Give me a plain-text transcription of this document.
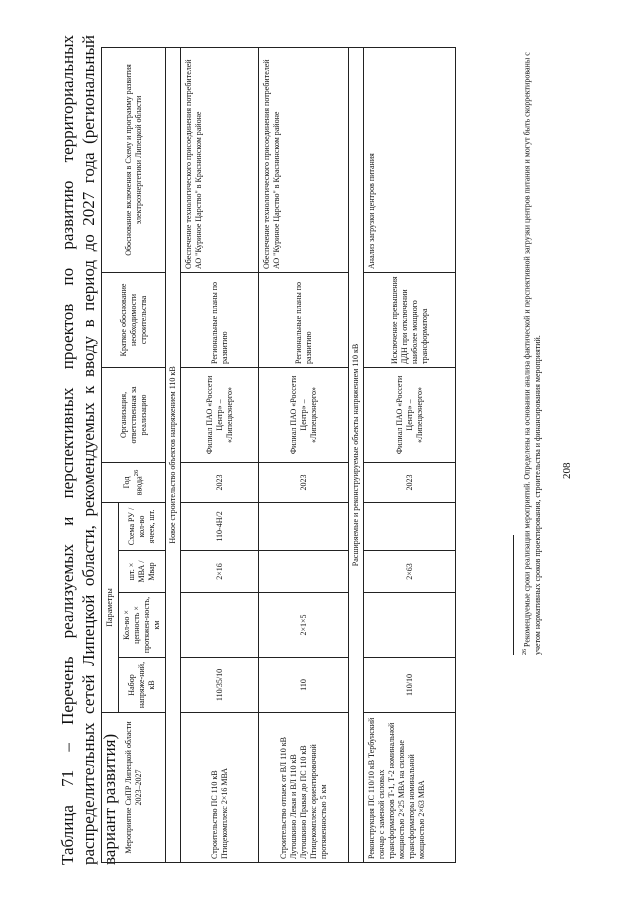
Таблица 71 – Перечень реализуемых и перспективных проектов по развитию территориальных распределительных сетей Липецкой области, рекомендуемых к вводу в период до 2027 года (региональный вариант развития) Мероприятие СиПР Липецкой области 2023–2027	Параметры				Год ввода$^{26}$	Организация, ответственная за реализацию	Краткое обоснование необходимости строительства	Обоснование включения в Схему и программу развития электроэнергетики Липецкой области
	Набор напряже-ний, кВ	Кол-во × цепность × протяжен-ность, км	шт. × МВА / Мвар	Схема РУ / кол-во ячеек, шт.				
Новое строительство объектов напряжением 110 кВ								
Строительство ПС 110 кВ Птицекомплекс 2×16 МВА	110/35/10		2×16	110-4Н/2	2023	Филиал ПАО «Россети Центр» – «Липецкэнерго»	Региональные планы по развитию	Обеспечение технологического присоединения потребителей АО "Куриное Царство" в Краснинском районе
Строительство отпаек от ВЛ 110 кВ Лутошкино Левая и ВЛ 110 кВ Лутошкино Правая до ПС 110 кВ Птицекомплекс ориентировочной протяженностью 5 км	110	2×1×5			2023	Филиал ПАО «Россети Центр» – «Липецкэнерго»	Региональные планы по развитию	Обеспечение технологического присоединения потребителей АО "Куриное Царство" в Краснинском районе
Расширяемые и реконструируемые объекты напряжением 110 кВ								
Реконструкция ПС 110/10 кВ Тербунский гончар с заменой силовых трансформаторов Т-1, Т-2 номинальной мощностью 2×25 МВА на силовые трансформаторы номинальной мощностью 2×63 МВА	110/10		2×63		2023	Филиал ПАО «Россети Центр» – «Липецкэнерго»	Исключение превышения ДДН при отключении наиболее мощного трансформатора	Анализ загрузки центров питания
$^{26}$ Рекомендуемые сроки реализации мероприятий. Определены на основании анализа фактической и перспективной загрузки центров питания и могут быть скорректированы с учетом нормативных сроков проектирования, строительства и финансирования мероприятий. 208
